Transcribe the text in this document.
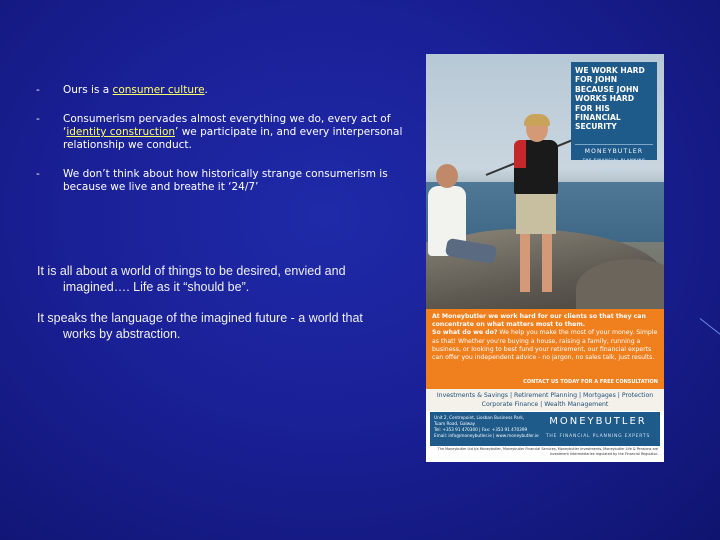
-	Ours is a consumer culture.
-	Consumerism pervades almost everything we do, every act of ‘identity construction’ we participate in, and every interpersonal relationship we conduct.
-	We don’t think about how historically strange consumerism is because we live and breathe it ‘24/7’
It is all about a world of things to be desired, envied and
imagined…. Life as it “should be”.
It speaks the language of the imagined future - a world that
works by abstraction.
WE WORK HARD
FOR JOHN
BECAUSE JOHN
WORKS HARD
FOR HIS
FINANCIAL
SECURITY
MONEYBUTLER
THE FINANCIAL PLANNING EXPERTS
At Moneybutler we work hard for our clients so that they can concentrate on what matters most to them.
So what do we do? We help you make the most of your money. Simple as that! Whether you're buying a house, raising a family, running a business, or looking to best fund your retirement, our financial experts can offer you independent advice - no jargon, no sales talk, just results.
CONTACT US TODAY FOR A FREE CONSULTATION
Investments & Savings | Retirement Planning | Mortgages | Protection
Corporate Finance | Wealth Management
Unit 2, Centrepoint, Liosban Business Park,
Tuam Road, Galway
Tel: +353 91 470300 | Fax: +353 91 470399
Email: info@moneybutler.ie | www.moneybutler.ie
MONEYBUTLER
THE FINANCIAL PLANNING EXPERTS
The Moneybutler Ltd t/a Moneybutler, Moneybutler Financial Services, Moneybutler Investments, Moneybutler Life & Pensions are Investment Intermediaries regulated by the Financial Regulator.
